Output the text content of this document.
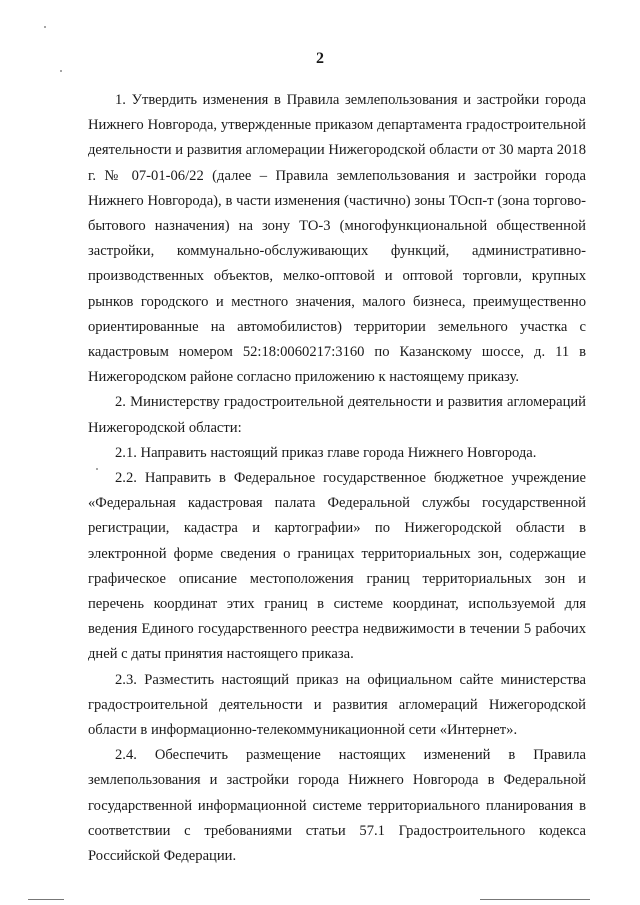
2

1. Утвердить изменения в Правила землепользования и застройки города Нижнего Новгорода, утвержденные приказом департамента градостроительной деятельности и развития агломерации Нижегородской области от 30 марта 2018 г. № 07-01-06/22 (далее – Правила землепользования и застройки города Нижнего Новгорода), в части изменения (частично) зоны ТОсп-т (зона торгово-бытового назначения) на зону ТО-3 (многофункциональной общественной застройки, коммунально-обслуживающих функций, административно-производственных объектов, мелко-оптовой и оптовой торговли, крупных рынков городского и местного значения, малого бизнеса, преимущественно ориентированные на автомобилистов) территории земельного участка с кадастровым номером 52:18:0060217:3160 по Казанскому шоссе, д. 11 в Нижегородском районе согласно приложению к настоящему приказу.

2. Министерству градостроительной деятельности и развития агломераций Нижегородской области:

2.1. Направить настоящий приказ главе города Нижнего Новгорода.

2.2. Направить в Федеральное государственное бюджетное учреждение «Федеральная кадастровая палата Федеральной службы государственной регистрации, кадастра и картографии» по Нижегородской области в электронной форме сведения о границах территориальных зон, содержащие графическое описание местоположения границ территориальных зон и перечень координат этих границ в системе координат, используемой для ведения Единого государственного реестра недвижимости в течении 5 рабочих дней с даты принятия настоящего приказа.

2.3. Разместить настоящий приказ на официальном сайте министерства градостроительной деятельности и развития агломераций Нижегородской области в информационно-телекоммуникационной сети «Интернет».

2.4. Обеспечить размещение настоящих изменений в Правила землепользования и застройки города Нижнего Новгорода в Федеральной государственной информационной системе территориального планирования в соответствии с требованиями статьи 57.1 Градостроительного кодекса Российской Федерации.
